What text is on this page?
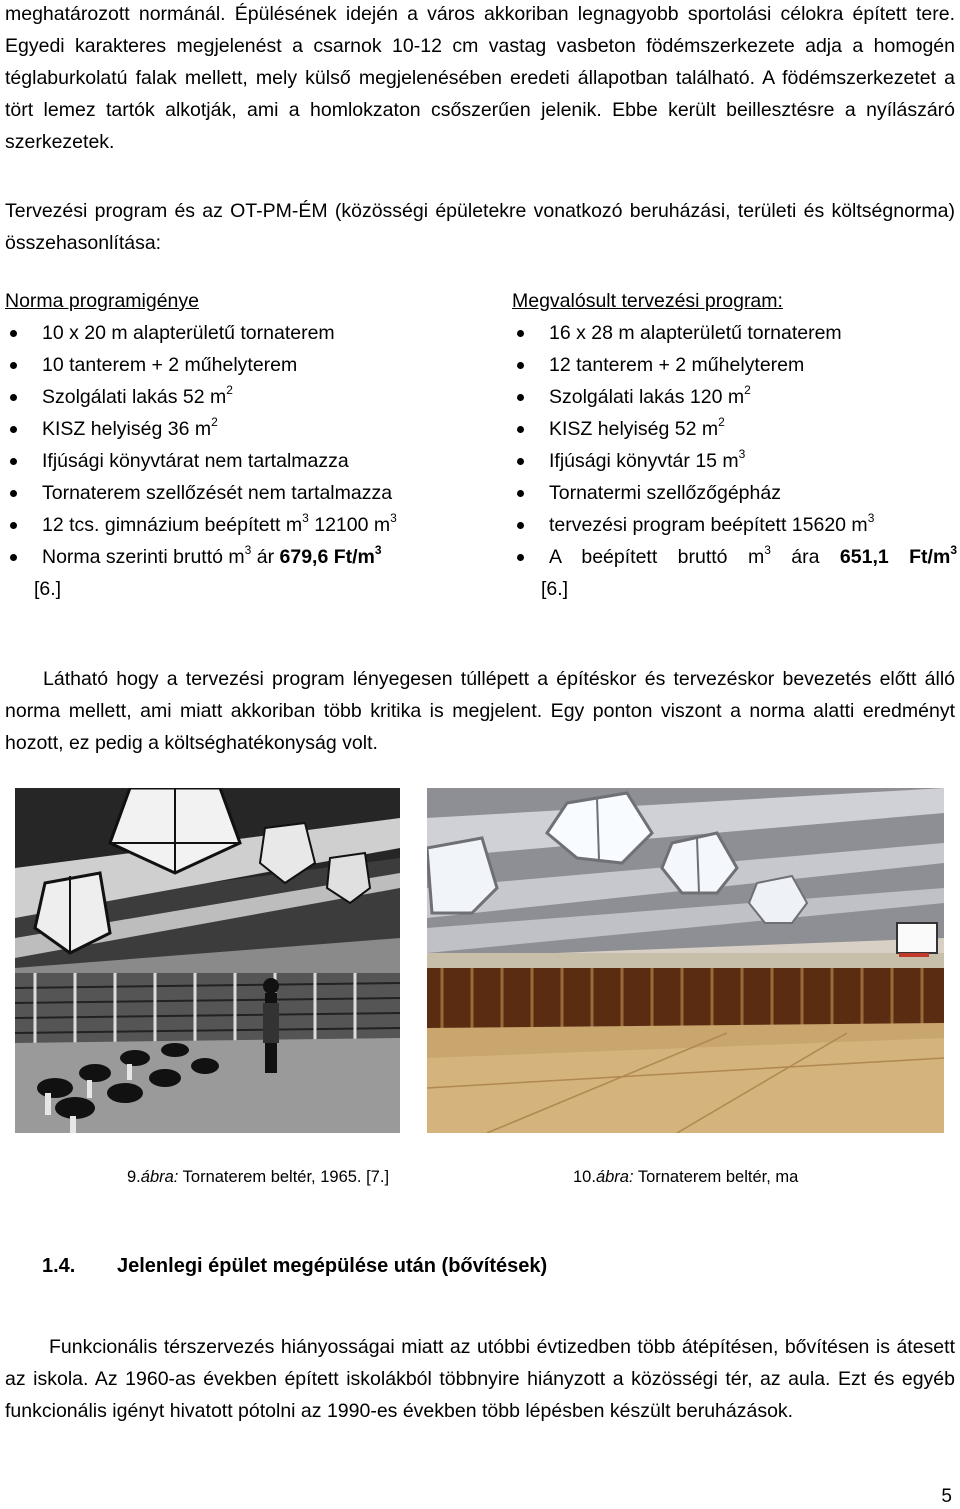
meghatározott normánál. Épülésének idején a város akkoriban legnagyobb sportolási célokra épített tere. Egyedi karakteres megjelenést a csarnok 10-12 cm vastag vasbeton födémszerkezete adja a homogén téglaburkolatú falak mellett, mely külső megjelenésében eredeti állapotban található. A födémszerkezetet a tört lemez tartók alkotják, ami a homlokzaton csőszerűen jelenik. Ebbe került beillesztésre a nyílászáró szerkezetek.

Tervezési program és az OT-PM-ÉM (közösségi épületekre vonatkozó beruházási, területi és költségnorma) összehasonlítása:

Norma programigénye

10 x 20 m alapterületű tornaterem
10 tanterem + 2 műhelyterem
Szolgálati lakás 52 $m^2$
KISZ helyiség 36 $m^2$
Ifjúsági könyvtárat nem tartalmazza
Tornaterem szellőzését nem tartalmazza
12 tcs. gimnázium beépített $m^3$ 12100 $m^3$
Norma szerinti bruttó $m^3$ ár 679,6 $Ft/m^3$
[6.]

Megvalósult tervezési program:

16 x 28 m alapterületű tornaterem
12 tanterem + 2 műhelyterem
Szolgálati lakás 120 $m^2$
KISZ helyiség 52 $m^2$
Ifjúsági könyvtár 15 $m^3$
Tornatermi szellőzőgépház
tervezési program beépített 15620 $m^3$
A beépített bruttó $m^3$ ára 651,1 $Ft/m^3$
[6.]

Látható hogy a tervezési program lényegesen túllépett a építéskor és tervezéskor bevezetés előtt álló norma mellett, ami miatt akkoriban több kritika is megjelent. Egy ponton viszont a norma alatti eredményt hozott, ez pedig a költséghatékonyság volt.

9.ábra: Tornaterem beltér, 1965. [7.]	10.ábra: Tornaterem beltér, ma
1.4. Jelenlegi épület megépülése után (bővítések)

Funkcionális térszervezés hiányosságai miatt az utóbbi évtizedben több átépítésen, bővítésen is átesett az iskola. Az 1960-as években épített iskolákból többnyire hiányzott a közösségi tér, az aula. Ezt és egyéb funkcionális igényt hivatott pótolni az 1990-es években több lépésben készült beruházások.

5
